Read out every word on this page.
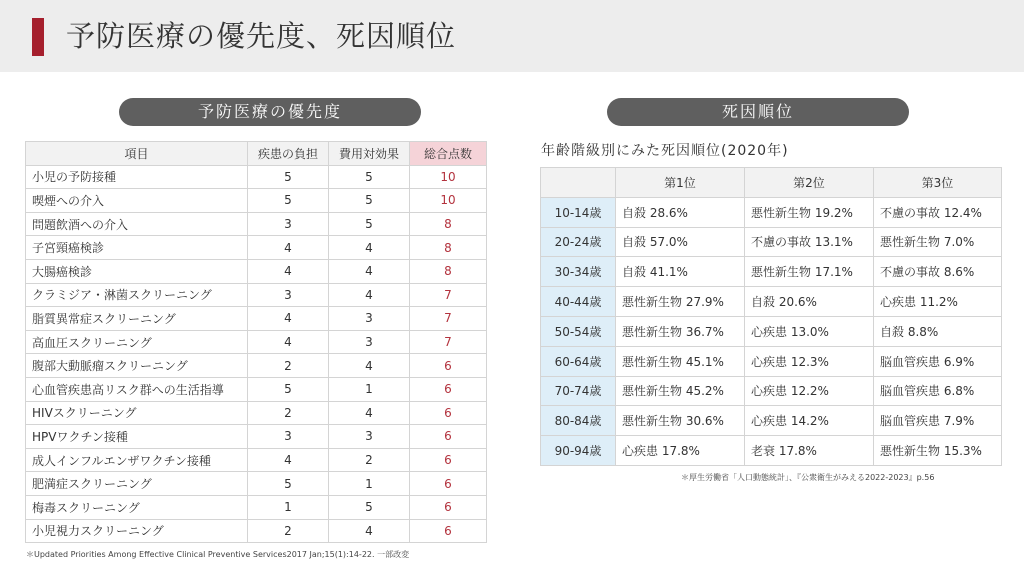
予防医療の優先度、死因順位
予防医療の優先度	死因順位
項目	疾患の負担	費用対効果	総合点数
小児の予防接種	5	5	10
喫煙への介入	5	5	10
問題飲酒への介入	3	5	8
子宮頸癌検診	4	4	8
大腸癌検診	4	4	8
クラミジア・淋菌スクリーニング	3	4	7
脂質異常症スクリーニング	4	3	7
高血圧スクリーニング	4	3	7
腹部大動脈瘤スクリーニング	2	4	6
心血管疾患高リスク群への生活指導	5	1	6
HIVスクリーニング	2	4	6
HPVワクチン接種	3	3	6
成人インフルエンザワクチン接種	4	2	6
肥満症スクリーニング	5	1	6
梅毒スクリーニング	1	5	6
小児視力スクリーニング	2	4	6
年齢階級別にみた死因順位(2020年)
	第1位	第2位	第3位
10-14歳	自殺 28.6%	悪性新生物 19.2%	不慮の事故 12.4%
20-24歳	自殺 57.0%	不慮の事故 13.1%	悪性新生物 7.0%
30-34歳	自殺 41.1%	悪性新生物 17.1%	不慮の事故 8.6%
40-44歳	悪性新生物 27.9%	自殺 20.6%	心疾患 11.2%
50-54歳	悪性新生物 36.7%	心疾患 13.0%	自殺 8.8%
60-64歳	悪性新生物 45.1%	心疾患 12.3%	脳血管疾患 6.9%
70-74歳	悪性新生物 45.2%	心疾患 12.2%	脳血管疾患 6.8%
80-84歳	悪性新生物 30.6%	心疾患 14.2%	脳血管疾患 7.9%
90-94歳	心疾患 17.8%	老衰 17.8%	悪性新生物 15.3%
＊厚生労働省「人口動態統計」、『公衆衛生がみえる2022-2023』p.56
＊Updated Priorities Among Effective Clinical Preventive Services2017 Jan;15(1):14-22. 一部改変
